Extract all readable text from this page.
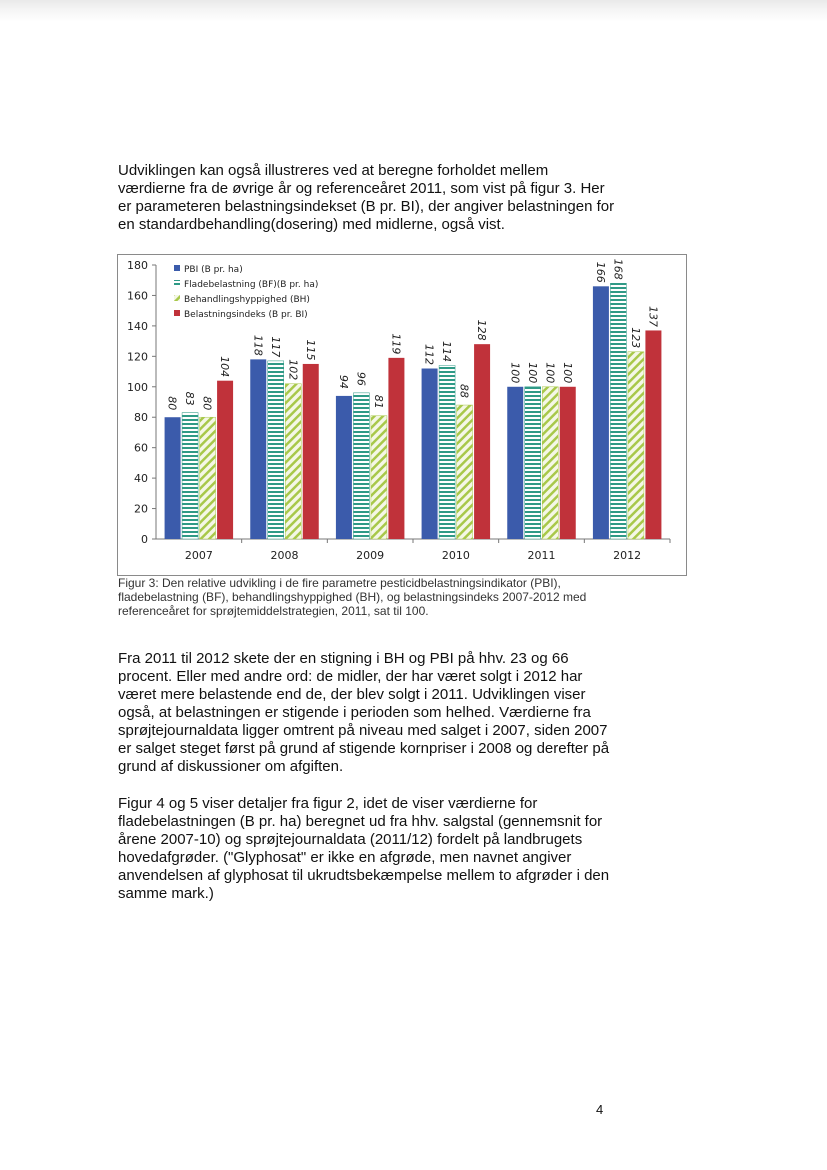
Udviklingen kan også illustreres ved at beregne forholdet mellem værdierne fra de øvrige år og referenceåret 2011, som vist på figur 3. Her er parameteren belastningsindekset (B pr. BI), der angiver belastningen for en standardbehandling(dosering) med midlerne, også vist.

0
20
40
60
80
100
120
140
160
180
2007
80 83 80
104
2008
118 117
102
115
2009
94 96
81
119
2010
112 114
88
128
2011
100 100 100 100
2012
166 168
123
137
PBI (B pr. ha)
Fladebelastning (BF)(B pr. ha)
Behandlingshyppighed (BH)
Belastningsindeks (B pr. BI)

Figur 3: Den relative udvikling i de fire parametre pesticidbelastningsindikator (PBI), fladebelastning (BF), behandlingshyppighed (BH), og belastningsindeks 2007-2012 med referenceåret for sprøjtemiddelstrategien, 2011, sat til 100.

Fra 2011 til 2012 skete der en stigning i BH og PBI på hhv. 23 og 66 procent. Eller med andre ord: de midler, der har været solgt i 2012 har været mere belastende end de, der blev solgt i 2011. Udviklingen viser også, at belastningen er stigende i perioden som helhed. Værdierne fra sprøjtejournaldata ligger omtrent på niveau med salget i 2007, siden 2007 er salget steget først på grund af stigende kornpriser i 2008 og derefter på grund af diskussioner om afgiften.

Figur 4 og 5 viser detaljer fra figur 2, idet de viser værdierne for fladebelastningen (B pr. ha) beregnet ud fra hhv. salgstal (gennemsnit for årene 2007-10) og sprøjtejournaldata (2011/12) fordelt på landbrugets hovedafgrøder. ("Glyphosat" er ikke en afgrøde, men navnet angiver anvendelsen af glyphosat til ukrudtsbekæmpelse mellem to afgrøder i den samme mark.)

4
